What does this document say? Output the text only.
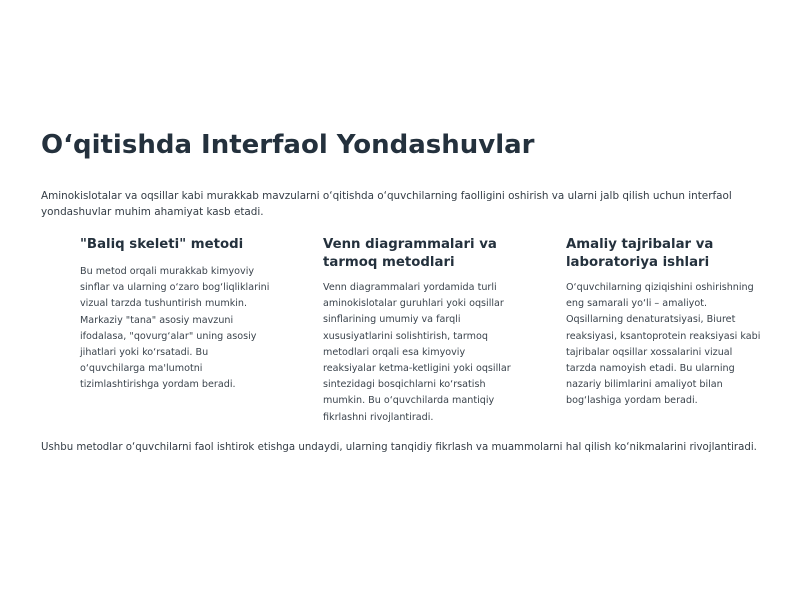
O‘qitishda Interfaol Yondashuvlar

Aminokislotalar va oqsillar kabi murakkab mavzularni o‘qitishda o‘quvchilarning faolligini oshirish va ularni jalb qilish uchun interfaol yondashuvlar muhim ahamiyat kasb etadi.

"Baliq skeleti" metodi

Bu metod orqali murakkab kimyoviy sinflar va ularning o‘zaro bog‘liqliklarini vizual tarzda tushuntirish mumkin. Markaziy "tana" asosiy mavzuni ifodalasa, "qovurg‘alar" uning asosiy jihatlari yoki ko‘rsatadi. Bu o‘quvchilarga ma'lumotni tizimlashtirishga yordam beradi.

Venn diagrammalari va tarmoq metodlari

Venn diagrammalari yordamida turli aminokislotalar guruhlari yoki oqsillar sinflarining umumiy va farqli xususiyatlarini solishtirish, tarmoq metodlari orqali esa kimyoviy reaksiyalar ketma-ketligini yoki oqsillar sintezidagi bosqichlarni ko‘rsatish mumkin. Bu o‘quvchilarda mantiqiy fikrlashni rivojlantiradi.

Amaliy tajribalar va laboratoriya ishlari

O‘quvchilarning qiziqishini oshirishning eng samarali yo‘li – amaliyot. Oqsillarning denaturatsiyasi, Biuret reaksiyasi, ksantoprotein reaksiyasi kabi tajribalar oqsillar xossalarini vizual tarzda namoyish etadi. Bu ularning nazariy bilimlarini amaliyot bilan bog‘lashiga yordam beradi.

Ushbu metodlar o‘quvchilarni faol ishtirok etishga undaydi, ularning tanqidiy fikrlash va muammolarni hal qilish ko‘nikmalarini rivojlantiradi.
